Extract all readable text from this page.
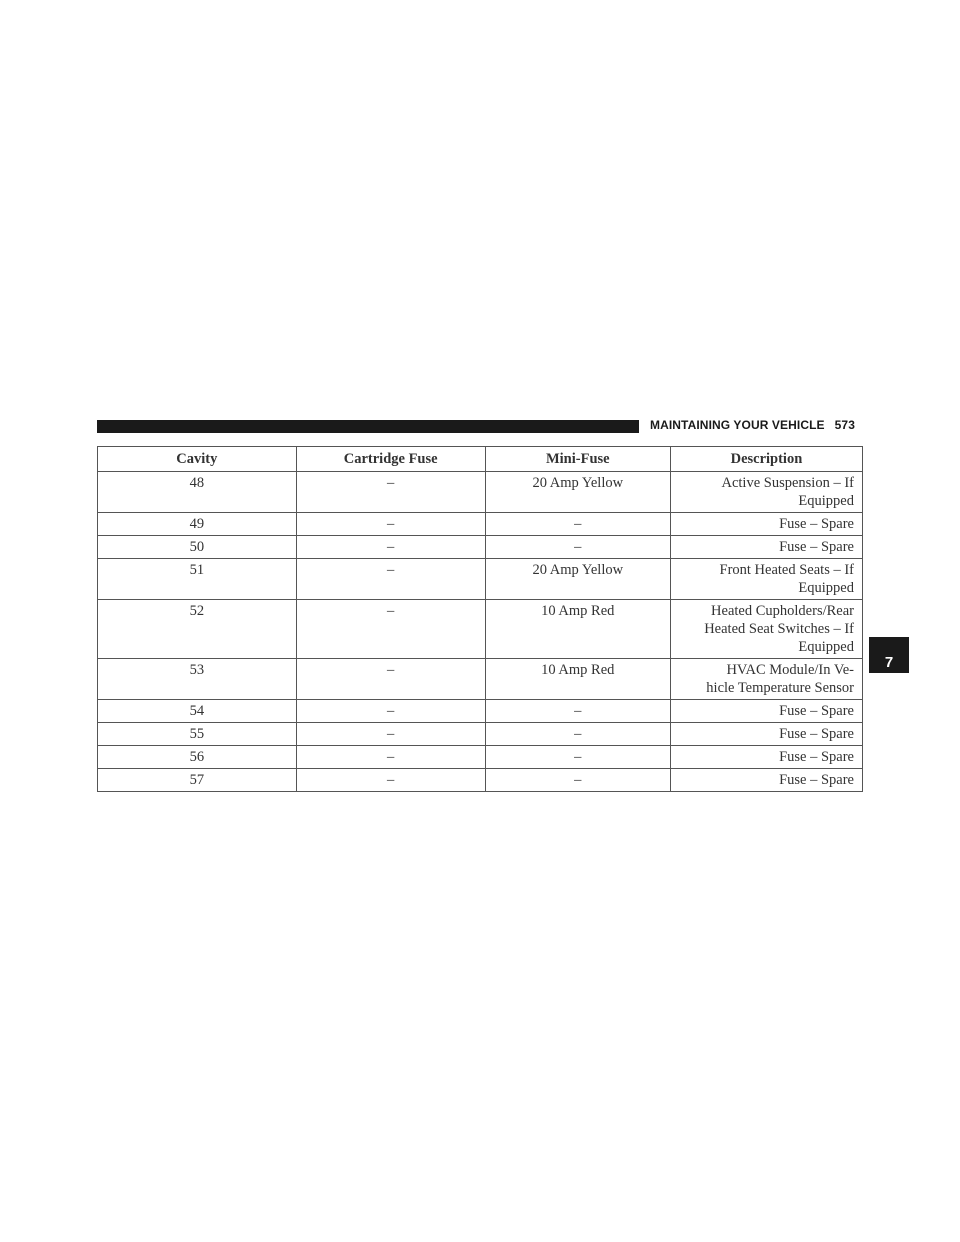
MAINTAINING YOUR VEHICLE 573
7
Cavity	Cartridge Fuse	Mini-Fuse	Description
48	–	20 Amp Yellow	Active Suspension – If
Equipped

49	–	–	Fuse – Spare

50	–	–	Fuse – Spare

51	–	20 Amp Yellow	Front Heated Seats – If
Equipped

52	–	10 Amp Red	Heated Cupholders/Rear
Heated Seat Switches – If
Equipped

53	–	10 Amp Red	HVAC Module/In Ve-
hicle Temperature Sensor

54	–	–	Fuse – Spare

55	–	–	Fuse – Spare

56	–	–	Fuse – Spare

57	–	–	Fuse – Spare
